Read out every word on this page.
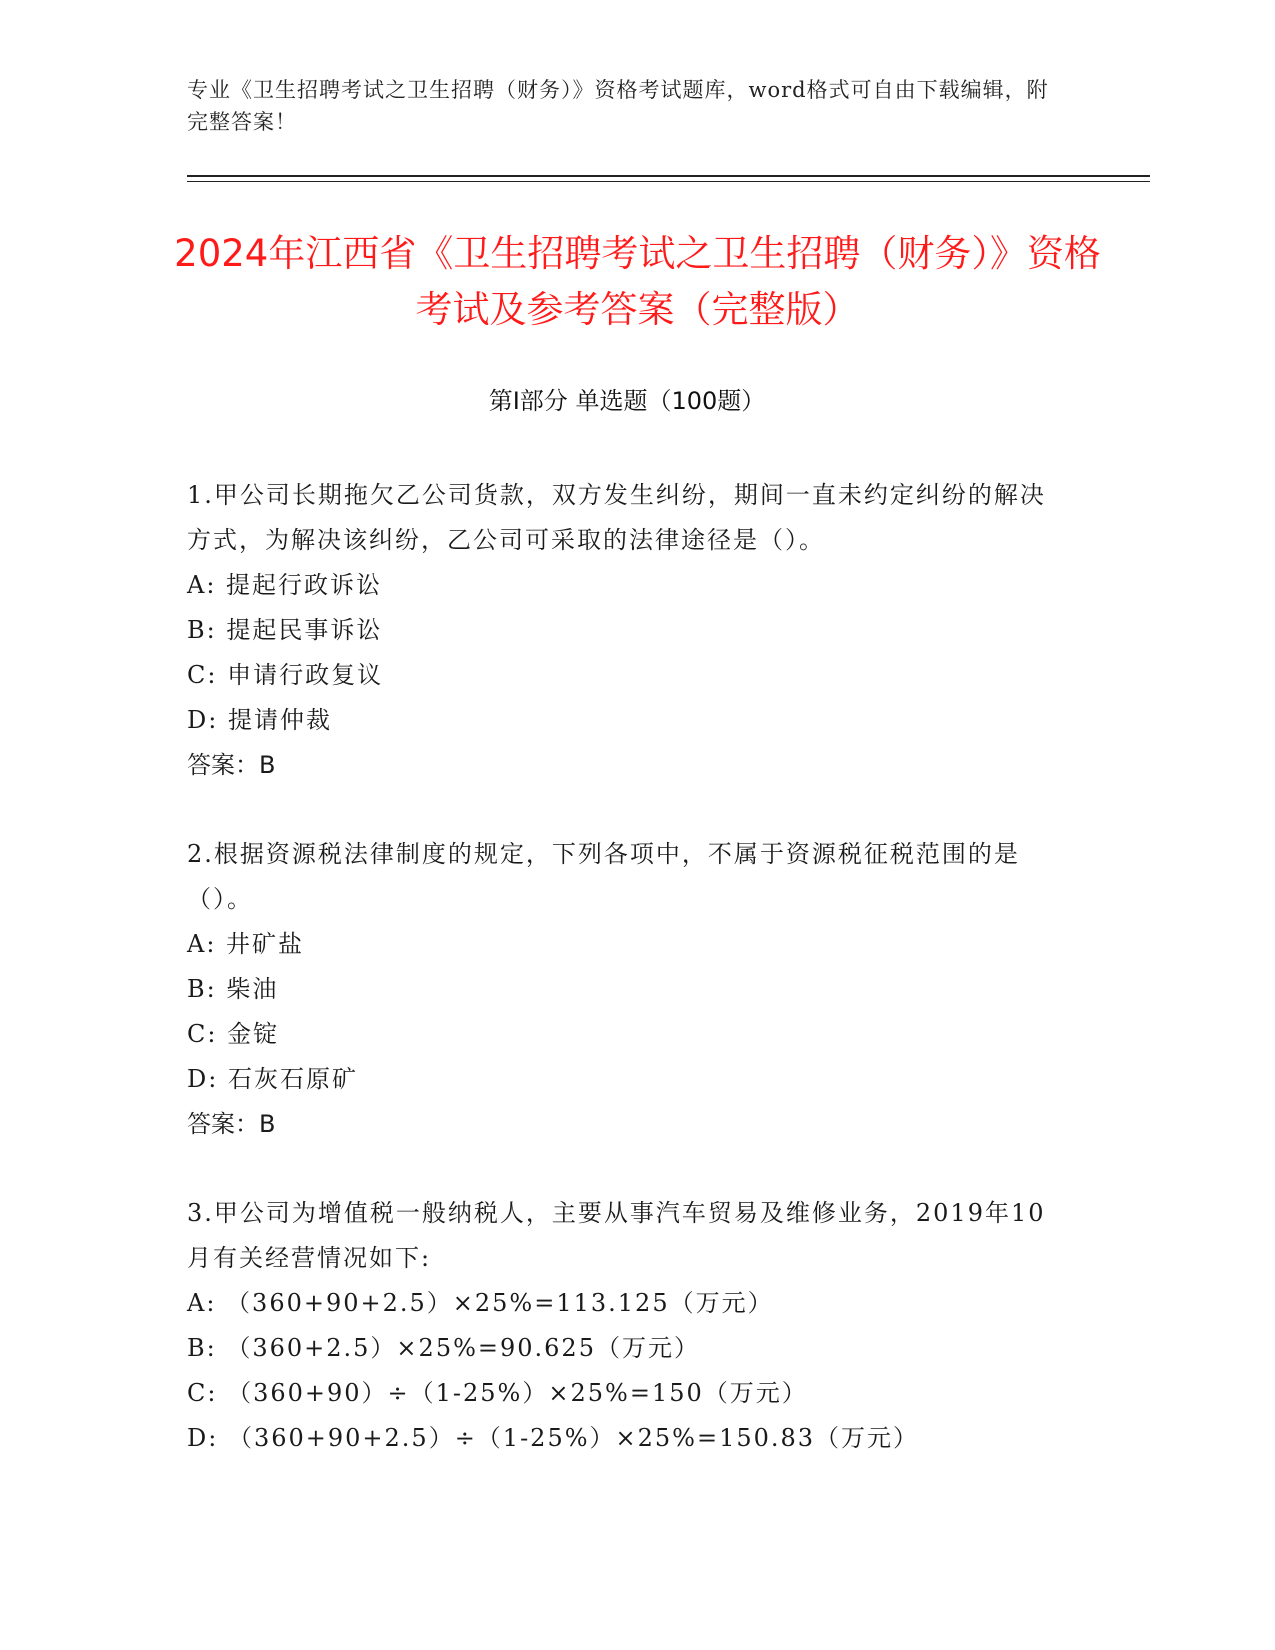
专业《卫生招聘考试之卫生招聘（财务）》资格考试题库，word格式可自由下载编辑，附完整答案！
2024年江西省《卫生招聘考试之卫生招聘（财务）》资格考试及参考答案（完整版）
第Ⅰ部分 单选题（100题）

1.甲公司长期拖欠乙公司货款，双方发生纠纷，期间一直未约定纠纷的解决方式，为解决该纠纷，乙公司可采取的法律途径是（）。

A: 提起行政诉讼

B: 提起民事诉讼

C: 申请行政复议

D: 提请仲裁

答案：B

2.根据资源税法律制度的规定，下列各项中，不属于资源税征税范围的是（）。

A: 井矿盐

B: 柴油

C: 金锭

D: 石灰石原矿

答案：B

3.甲公司为增值税一般纳税人，主要从事汽车贸易及维修业务，2019年10月有关经营情况如下:

A: （360+90+2.5）×25%=113.125（万元）

B: （360+2.5）×25%=90.625（万元）

C: （360+90）÷（1-25%）×25%=150（万元）

D: （360+90+2.5）÷（1-25%）×25%=150.83（万元）
